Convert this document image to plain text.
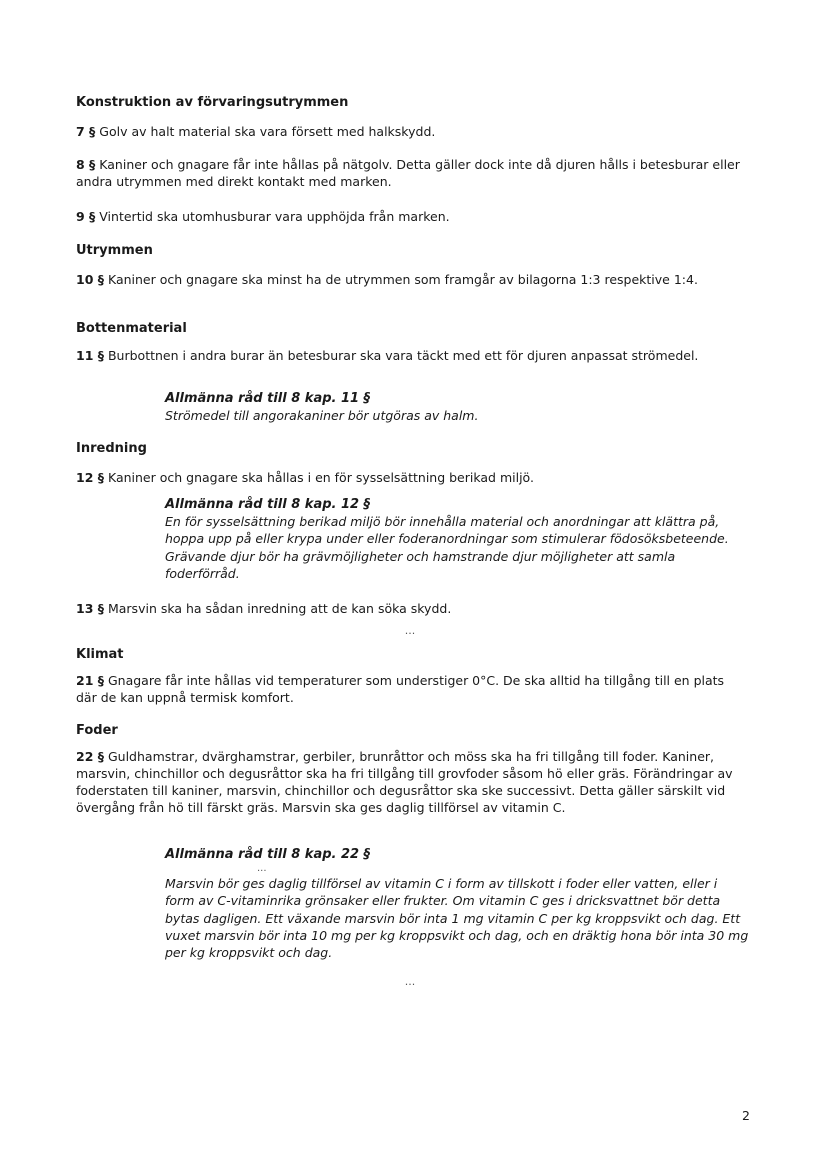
Konstruktion av förvaringsutrymmen

7 § Golv av halt material ska vara försett med halkskydd.

8 § Kaniner och gnagare får inte hållas på nätgolv. Detta gäller dock inte då djuren hålls i betesburar eller andra utrymmen med direkt kontakt med marken.

9 § Vintertid ska utomhusburar vara upphöjda från marken.

Utrymmen

10 § Kaniner och gnagare ska minst ha de utrymmen som framgår av bilagorna 1:3 respektive 1:4.

Bottenmaterial

11 § Burbottnen i andra burar än betesburar ska vara täckt med ett för djuren anpassat strömedel.

Allmänna råd till 8 kap. 11 §
Strömedel till angorakaniner bör utgöras av halm.
Inredning

12 § Kaniner och gnagare ska hållas i en för sysselsättning berikad miljö.

Allmänna råd till 8 kap. 12 §
En för sysselsättning berikad miljö bör innehålla material och anordningar att klättra på, hoppa upp på eller krypa under eller foderanordningar som stimulerar födosöksbeteende. Grävande djur bör ha grävmöjligheter och hamstrande djur möjligheter att samla foderförråd.

13 § Marsvin ska ha sådan inredning att de kan söka skydd.

...
Klimat

21 § Gnagare får inte hållas vid temperaturer som understiger 0°C. De ska alltid ha tillgång till en plats där de kan uppnå termisk komfort.

Foder

22 § Guldhamstrar, dvärghamstrar, gerbiler, brunråttor och möss ska ha fri tillgång till foder. Kaniner, marsvin, chinchillor och degusråttor ska ha fri tillgång till grovfoder såsom hö eller gräs. Förändringar av foderstaten till kaniner, marsvin, chinchillor och degusråttor ska ske successivt. Detta gäller särskilt vid övergång från hö till färskt gräs. Marsvin ska ges daglig tillförsel av vitamin C.

Allmänna råd till 8 kap. 22 §
...
Marsvin bör ges daglig tillförsel av vitamin C i form av tillskott i foder eller vatten, eller i form av C-vitaminrika grönsaker eller frukter. Om vitamin C ges i dricksvattnet bör detta bytas dagligen. Ett växande marsvin bör inta 1 mg vitamin C per kg kroppsvikt och dag. Ett vuxet marsvin bör inta 10 mg per kg kroppsvikt och dag, och en dräktig hona bör inta 30 mg per kg kroppsvikt och dag.
...
2
